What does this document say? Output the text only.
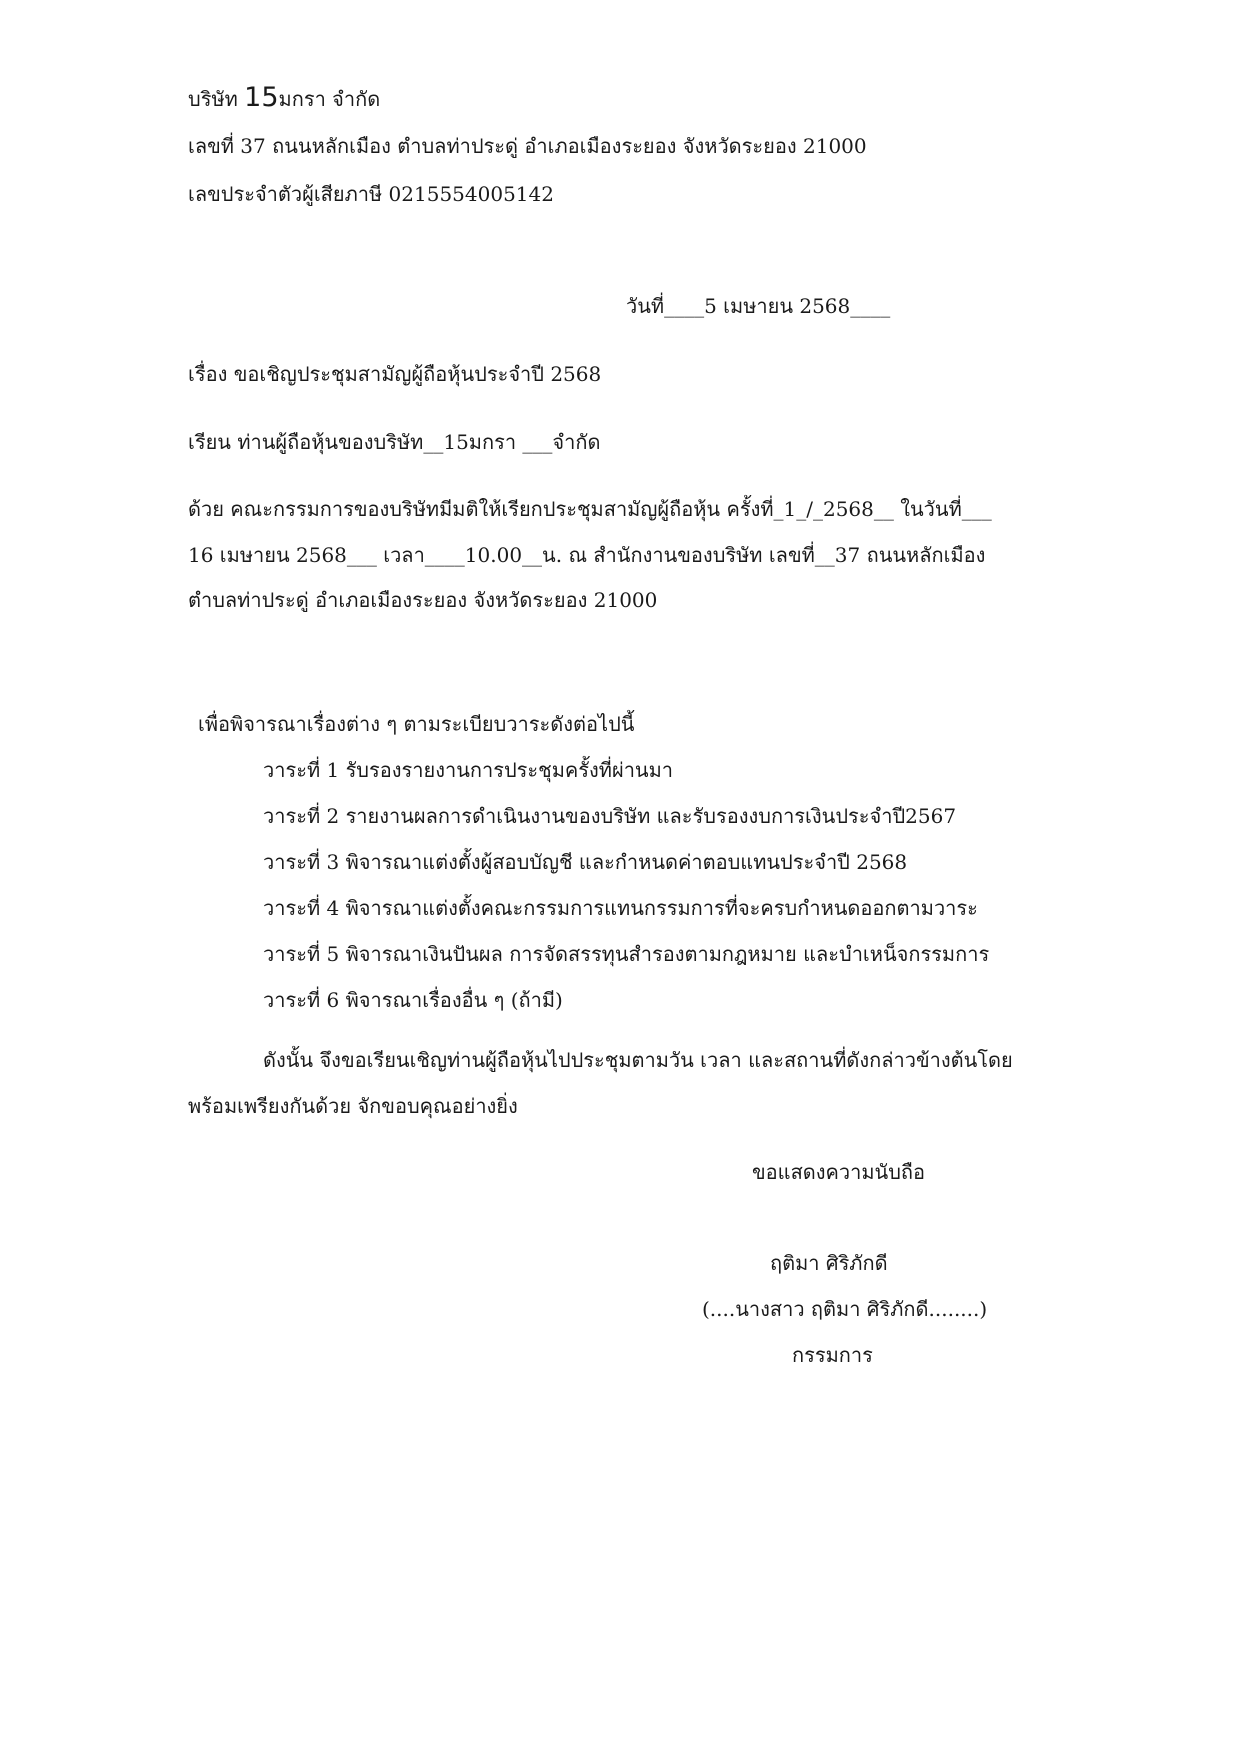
บริษัท 15มกรา จำกัด
เลขที่ 37 ถนนหลักเมือง ตำบลท่าประดู่ อำเภอเมืองระยอง จังหวัดระยอง 21000
เลขประจำตัวผู้เสียภาษี 0215554005142
วันที่____5 เมษายน 2568____
เรื่อง ขอเชิญประชุมสามัญผู้ถือหุ้นประจำปี 2568
เรียน ท่านผู้ถือหุ้นของบริษัท__15มกรา ___จำกัด
ด้วย คณะกรรมการของบริษัทมีมติให้เรียกประชุมสามัญผู้ถือหุ้น ครั้งที่_1_/_2568__ ในวันที่___
16 เมษายน 2568___ เวลา____10.00__น. ณ สำนักงานของบริษัท เลขที่__37 ถนนหลักเมือง
ตำบลท่าประดู่ อำเภอเมืองระยอง จังหวัดระยอง 21000
เพื่อพิจารณาเรื่องต่าง ๆ ตามระเบียบวาระดังต่อไปนี้
วาระที่ 1 รับรองรายงานการประชุมครั้งที่ผ่านมา
วาระที่ 2 รายงานผลการดำเนินงานของบริษัท และรับรองงบการเงินประจำปี2567
วาระที่ 3 พิจารณาแต่งตั้งผู้สอบบัญชี และกำหนดค่าตอบแทนประจำปี 2568
วาระที่ 4 พิจารณาแต่งตั้งคณะกรรมการแทนกรรมการที่จะครบกำหนดออกตามวาระ
วาระที่ 5 พิจารณาเงินปันผล การจัดสรรทุนสำรองตามกฎหมาย และบำเหน็จกรรมการ
วาระที่ 6 พิจารณาเรื่องอื่น ๆ (ถ้ามี)
ดังนั้น จึงขอเรียนเชิญท่านผู้ถือหุ้นไปประชุมตามวัน เวลา และสถานที่ดังกล่าวข้างต้นโดย
พร้อมเพรียงกันด้วย จักขอบคุณอย่างยิ่ง
ขอแสดงความนับถือ
ฤติมา ศิริภักดี
(....นางสาว ฤติมา ศิริภักดี........)
กรรมการ
